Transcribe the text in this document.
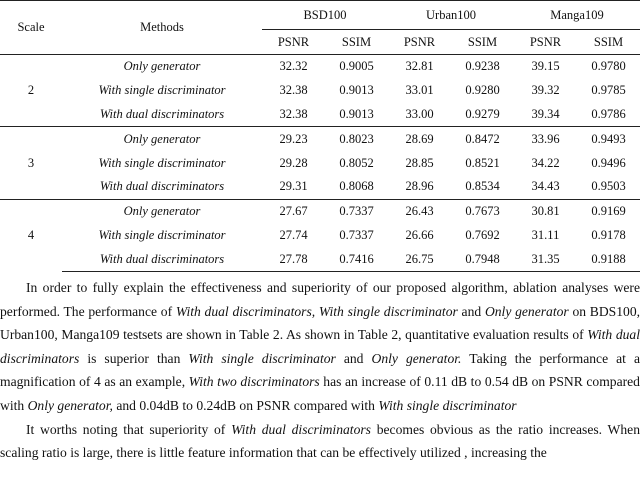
Scale	Methods	BSD100		Urban100		Manga109	
		PSNR	SSIM	PSNR	SSIM	PSNR	SSIM
2	Only generator	32.32	0.9005	32.81	0.9238	39.15	0.9780
	With single discriminator	32.38	0.9013	33.01	0.9280	39.32	0.9785
	With dual discriminators	32.38	0.9013	33.00	0.9279	39.34	0.9786
3	Only generator	29.23	0.8023	28.69	0.8472	33.96	0.9493
	With single discriminator	29.28	0.8052	28.85	0.8521	34.22	0.9496
	With dual discriminators	29.31	0.8068	28.96	0.8534	34.43	0.9503
4	Only generator	27.67	0.7337	26.43	0.7673	30.81	0.9169
	With single discriminator	27.74	0.7337	26.66	0.7692	31.11	0.9178
	With dual discriminators	27.78	0.7416	26.75	0.7948	31.35	0.9188

In order to fully explain the effectiveness and superiority of our proposed algorithm, ablation analyses were performed. The performance of With dual discriminators, With single discriminator and Only generator on BDS100, Urban100, Manga109 testsets are shown in Table 2. As shown in Table 2, quantitative evaluation results of With dual discriminators is superior than With single discriminator and Only generator. Taking the performance at a magnification of 4 as an example, With two discriminators has an increase of 0.11 dB to 0.54 dB on PSNR compared with Only generator, and 0.04dB to 0.24dB on PSNR compared with With single discriminator

It worths noting that superiority of With dual discriminators becomes obvious as the ratio increases. When scaling ratio is large, there is little feature information that can be effectively utilized , increasing the
